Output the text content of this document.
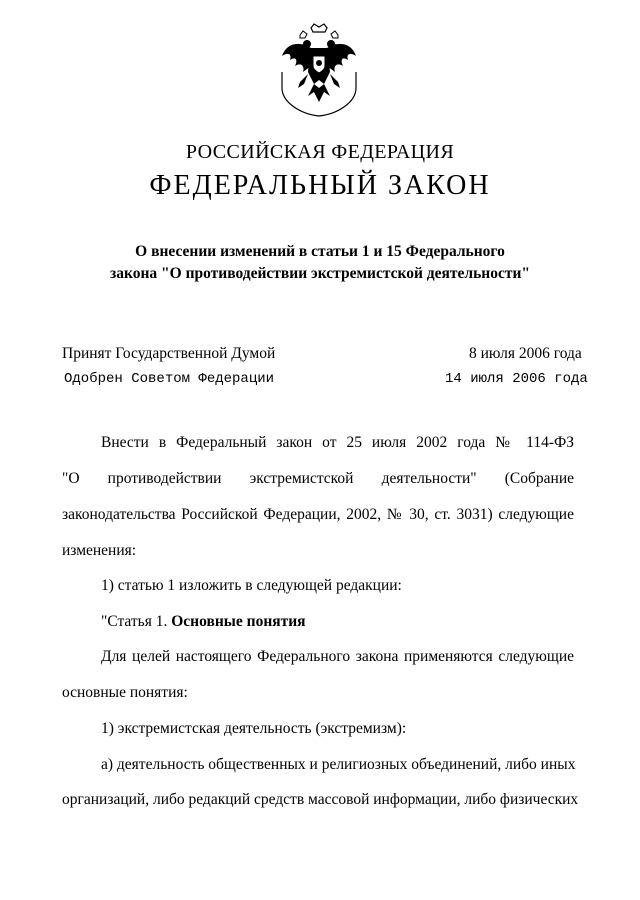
РОССИЙСКАЯ ФЕДЕРАЦИЯ
ФЕДЕРАЛЬНЫЙ ЗАКОН
О внесении изменений в статьи 1 и 15 Федерального
закона "О противодействии экстремистской деятельности"
Принят Государственной Думой	8 июля 2006 года
Одобрен Советом Федерации	14 июля 2006 года
Внести в Федеральный закон от 25 июля 2002 года № 114-ФЗ
"О противодействии экстремистской деятельности" (Собрание
законодательства Российской Федерации, 2002, № 30, ст. 3031) следующие
изменения:
1) статью 1 изложить в следующей редакции:
"Статья 1. Основные понятия
Для целей настоящего Федерального закона применяются следующие
основные понятия:
1) экстремистская деятельность (экстремизм):
а) деятельность общественных и религиозных объединений, либо иных
организаций, либо редакций средств массовой информации, либо физических
